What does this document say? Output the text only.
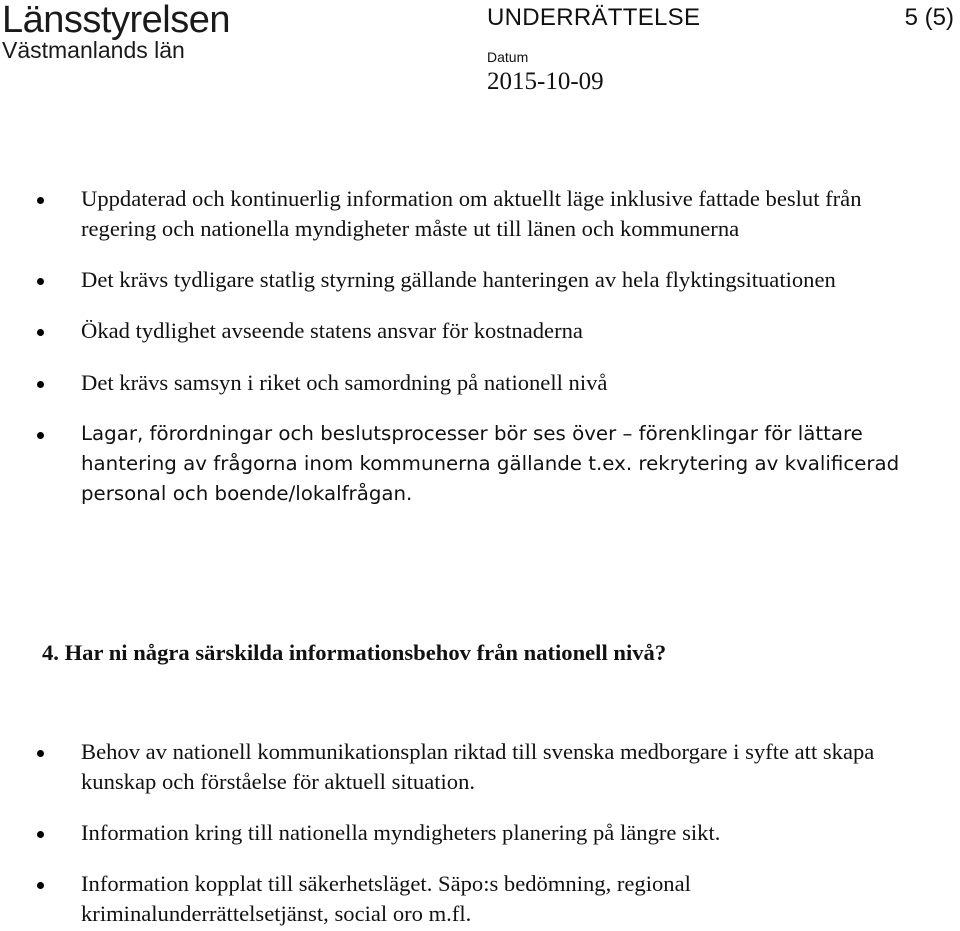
Länsstyrelsen
Västmanlands län
UNDERRÄTTELSE	5 (5)
Datum
2015-10-09
Uppdaterad och kontinuerlig information om aktuellt läge inklusive fattade beslut från regering och nationella myndigheter måste ut till länen och kommunerna
Det krävs tydligare statlig styrning gällande hanteringen av hela flyktingsituationen
Ökad tydlighet avseende statens ansvar för kostnaderna
Det krävs samsyn i riket och samordning på nationell nivå
Lagar, förordningar och beslutsprocesser bör ses över – förenklingar för lättare hantering av frågorna inom kommunerna gällande t.ex. rekrytering av kvalificerad personal och boende/lokalfrågan.
4. Har ni några särskilda informationsbehov från nationell nivå?
Behov av nationell kommunikationsplan riktad till svenska medborgare i syfte att skapa kunskap och förståelse för aktuell situation.
Information kring till nationella myndigheters planering på längre sikt.
Information kopplat till säkerhetsläget. Säpo:s bedömning, regional kriminalunderrättelsetjänst, social oro m.fl.
